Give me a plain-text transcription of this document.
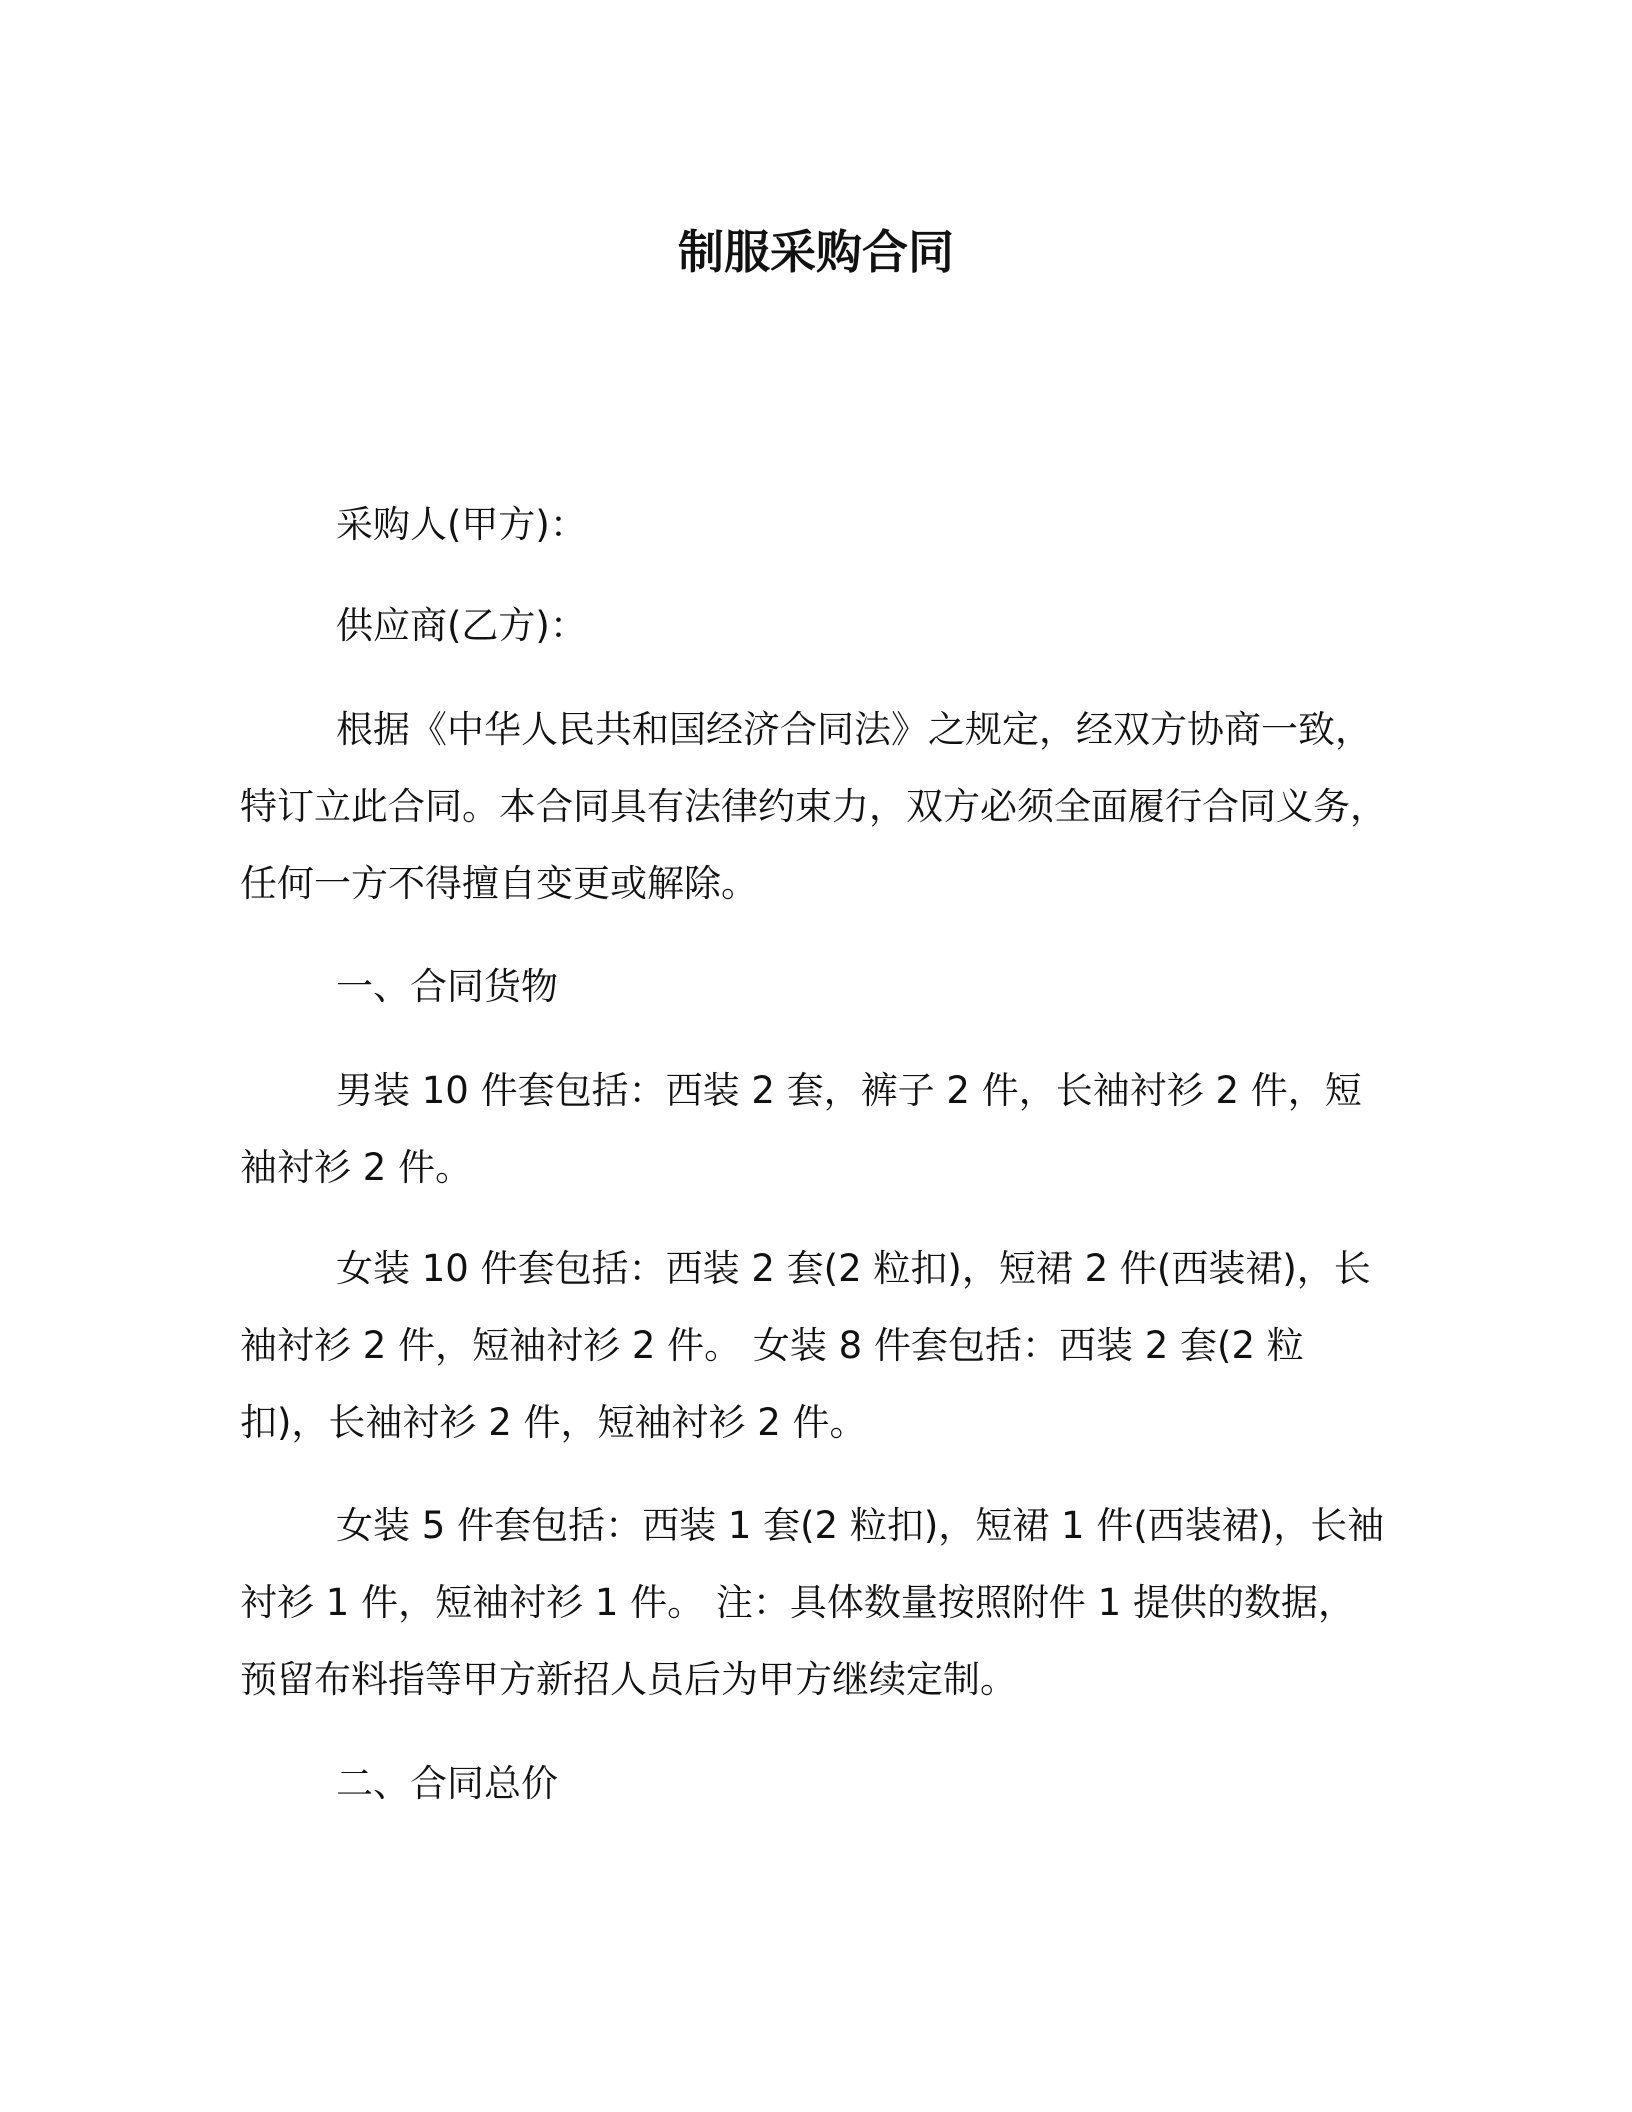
制服采购合同

采购人(甲方)：

供应商(乙方)：

根据《中华人民共和国经济合同法》之规定，经双方协商一致，特订立此合同。本合同具有法律约束力，双方必须全面履行合同义务，任何一方不得擅自变更或解除。

一、合同货物

男装 10 件套包括：西装 2 套，裤子 2 件，长袖衬衫 2 件，短袖衬衫 2 件。

女装 10 件套包括：西装 2 套(2 粒扣)，短裙 2 件(西装裙)，长袖衬衫 2 件，短袖衬衫 2 件。 女装 8 件套包括：西装 2 套(2 粒扣)，长袖衬衫 2 件，短袖衬衫 2 件。

女装 5 件套包括：西装 1 套(2 粒扣)，短裙 1 件(西装裙)，长袖衬衫 1 件，短袖衬衫 1 件。 注：具体数量按照附件 1 提供的数据，预留布料指等甲方新招人员后为甲方继续定制。

二、合同总价
